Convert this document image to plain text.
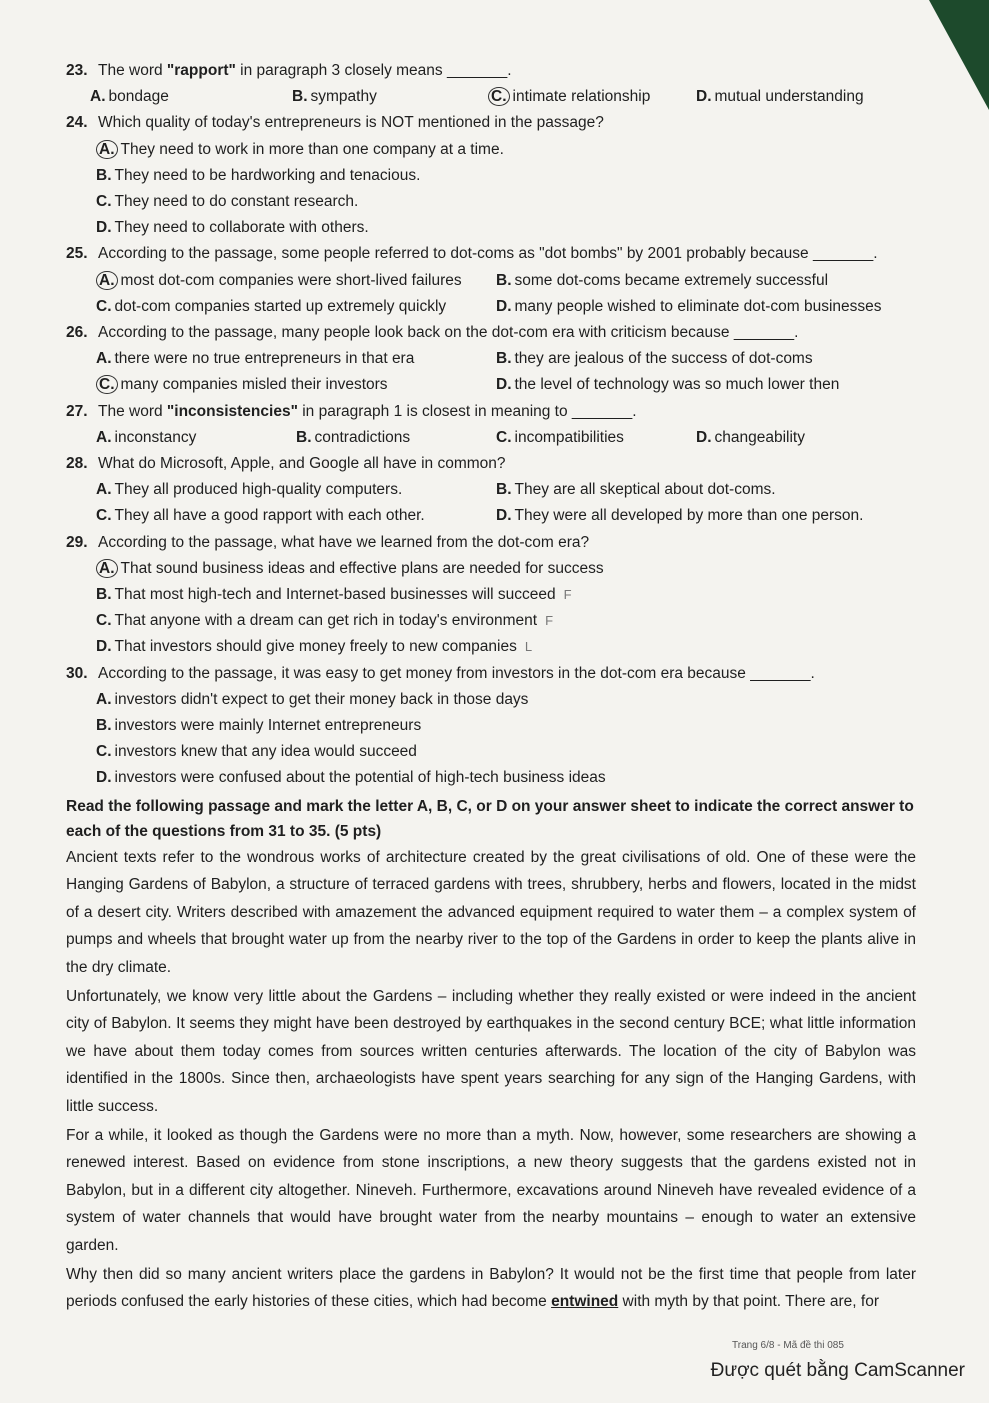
23. The word "rapport" in paragraph 3 closely means _______.
A. bondage	B. sympathy	C. intimate relationship	D. mutual understanding
24. Which quality of today's entrepreneurs is NOT mentioned in the passage?
A. They need to work in more than one company at a time.
B. They need to be hardworking and tenacious.
C. They need to do constant research.
D. They need to collaborate with others.
25. According to the passage, some people referred to dot-coms as "dot bombs" by 2001 probably because _______.
A. most dot-com companies were short-lived failures	B. some dot-coms became extremely successful
C. dot-com companies started up extremely quickly	D. many people wished to eliminate dot-com businesses
26. According to the passage, many people look back on the dot-com era with criticism because _______.
A. there were no true entrepreneurs in that era	B. they are jealous of the success of dot-coms
C. many companies misled their investors	D. the level of technology was so much lower then
27. The word "inconsistencies" in paragraph 1 is closest in meaning to _______.
A. inconstancy	B. contradictions	C. incompatibilities	D. changeability
28. What do Microsoft, Apple, and Google all have in common?
A. They all produced high-quality computers.	B. They are all skeptical about dot-coms.
C. They all have a good rapport with each other.	D. They were all developed by more than one person.
29. According to the passage, what have we learned from the dot-com era?
A. That sound business ideas and effective plans are needed for success
B. That most high-tech and Internet-based businesses will succeed F
C. That anyone with a dream can get rich in today's environment F
D. That investors should give money freely to new companies L
30. According to the passage, it was easy to get money from investors in the dot-com era because _______.
A. investors didn't expect to get their money back in those days
B. investors were mainly Internet entrepreneurs
C. investors knew that any idea would succeed
D. investors were confused about the potential of high-tech business ideas
Read the following passage and mark the letter A, B, C, or D on your answer sheet to indicate the correct answer to each of the questions from 31 to 35. (5 pts)
Ancient texts refer to the wondrous works of architecture created by the great civilisations of old. One of these were the Hanging Gardens of Babylon, a structure of terraced gardens with trees, shrubbery, herbs and flowers, located in the midst of a desert city. Writers described with amazement the advanced equipment required to water them – a complex system of pumps and wheels that brought water up from the nearby river to the top of the Gardens in order to keep the plants alive in the dry climate.
Unfortunately, we know very little about the Gardens – including whether they really existed or were indeed in the ancient city of Babylon. It seems they might have been destroyed by earthquakes in the second century BCE; what little information we have about them today comes from sources written centuries afterwards. The location of the city of Babylon was identified in the 1800s. Since then, archaeologists have spent years searching for any sign of the Hanging Gardens, with little success.
For a while, it looked as though the Gardens were no more than a myth. Now, however, some researchers are showing a renewed interest. Based on evidence from stone inscriptions, a new theory suggests that the gardens existed not in Babylon, but in a different city altogether. Nineveh. Furthermore, excavations around Nineveh have revealed evidence of a system of water channels that would have brought water from the nearby mountains – enough to water an extensive garden.
Why then did so many ancient writers place the gardens in Babylon? It would not be the first time that people from later periods confused the early histories of these cities, which had become entwined with myth by that point. There are, for
Trang 6/8 - Mã đề thi 085
Được quét bằng CamScanner
